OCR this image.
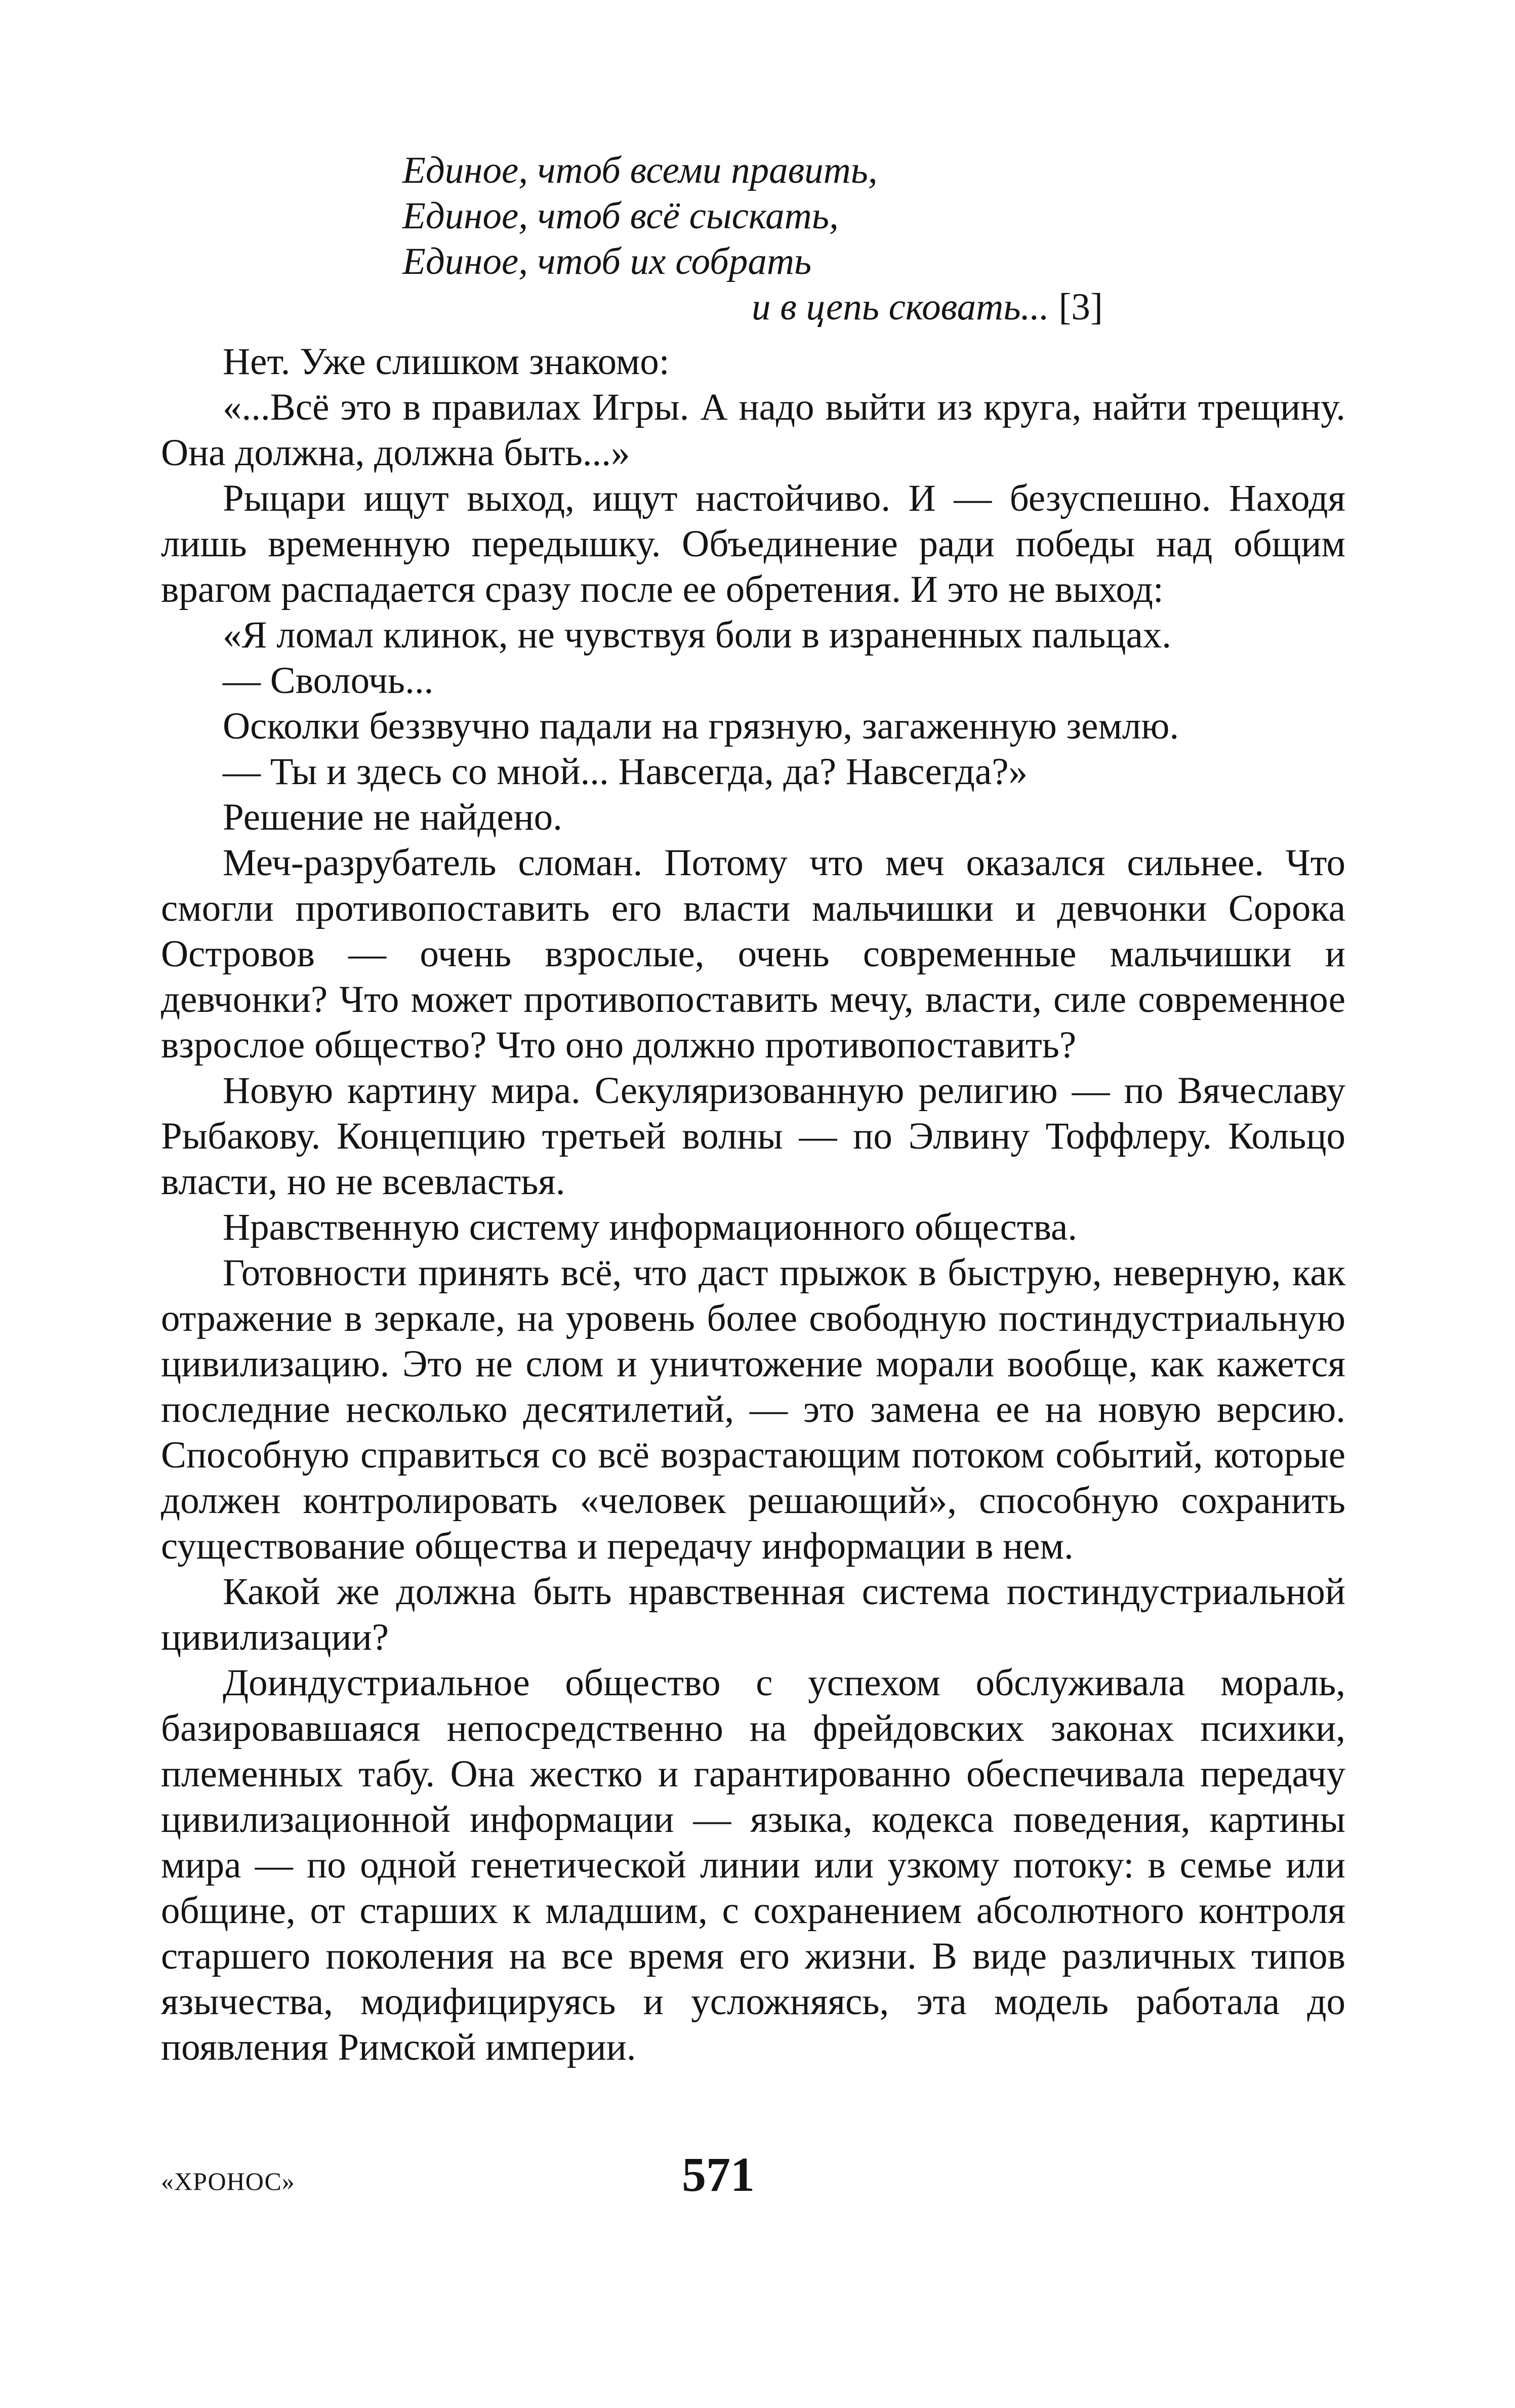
Единое, чтоб всеми править,
Единое, чтоб всё cыскать,
Единое, чтоб их собрать
и в цепь сковать... [3]

Нет. Уже слишком знакомо:

«...Всё это в правилах Игры. А надо выйти из круга, найти трещину. Она должна, должна быть...»

Рыцари ищут выход, ищут настойчиво. И — безуспешно. Находя лишь временную передышку. Объединение ради победы над общим врагом распадается сразу после ее обретения. И это не выход:

«Я ломал клинок, не чувствуя боли в израненных пальцах.

— Сволочь...

Осколки беззвучно падали на грязную, загаженную землю.

— Ты и здесь со мной... Навсегда, да? Навсегда?»

Решение не найдено.

Меч-разрубатель сломан. Потому что меч оказался сильнее. Что смогли противопоставить его власти мальчишки и девчонки Сорока Островов — очень взрослые, очень современные мальчишки и девчонки? Что может противопоставить мечу, власти, силе современное взрослое общество? Что оно должно противопоставить?

Новую картину мира. Секуляризованную религию — по Вячеславу Рыбакову. Концепцию третьей волны — по Элвину Тоффлеру. Кольцо власти, но не всевластья.

Нравственную систему информационного общества.

Готовности принять всё, что даст прыжок в быструю, неверную, как отражение в зеркале, на уровень более свободную постиндустриальную цивилизацию. Это не слом и уничтожение морали вообще, как кажется последние несколько десятилетий, — это замена ее на новую версию. Способную справиться со всё возрастающим потоком событий, которые должен контролировать «человек решающий», способную сохранить существование общества и передачу информации в нем.

Какой же должна быть нравственная система постиндустриальной цивилизации?

Доиндустриальное общество с успехом обслуживала мораль, базировавшаяся непосредственно на фрейдовских законах психики, племенных табу. Она жестко и гарантированно обеспечивала передачу цивилизационной информации — языка, кодекса поведения, картины мира — по одной генетической линии или узкому потоку: в семье или общине, от старших к младшим, с сохранением абсолютного контроля старшего поколения на все время его жизни. В виде различных типов язычества, модифицируясь и усложняясь, эта модель работала до появления Римской империи.

«ХРОНОС»	571
